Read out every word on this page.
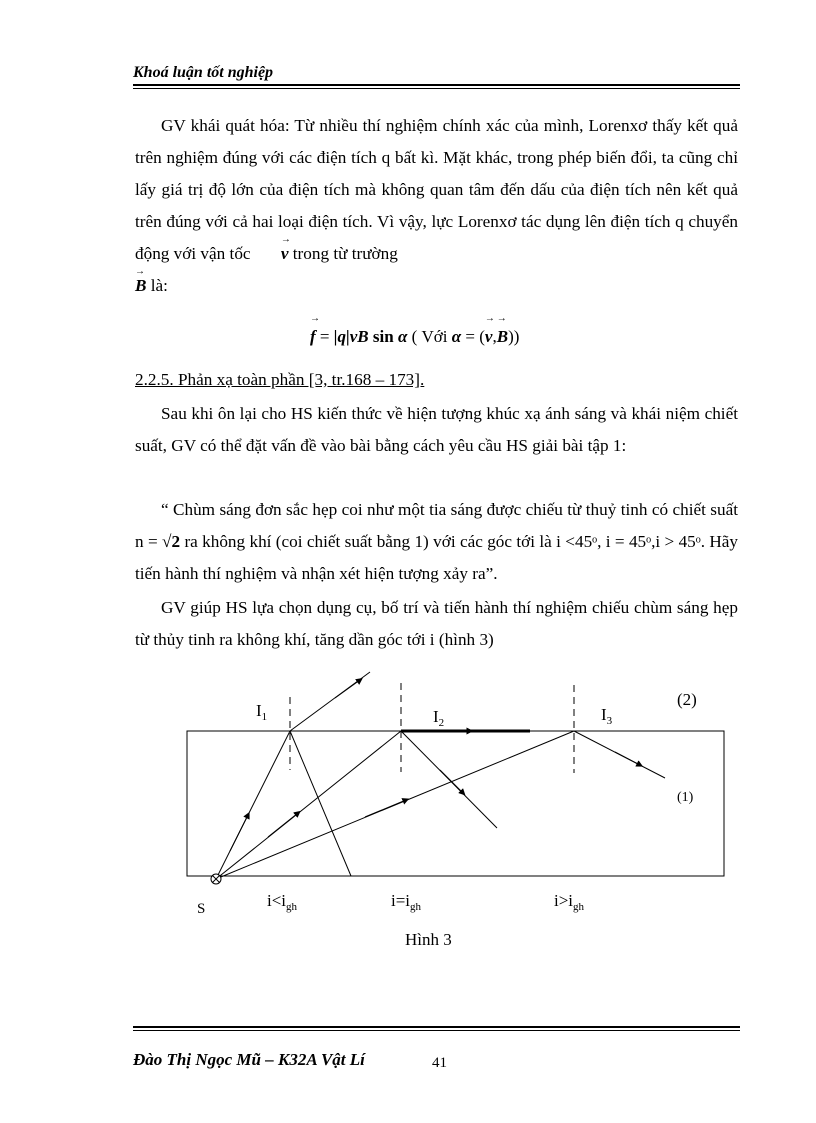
Khoá luận tốt nghiệp

GV khái quát hóa: Từ nhiều thí nghiệm chính xác của mình, Lorenxơ thấy kết quả trên nghiệm đúng với các điện tích q bất kì. Mặt khác, trong phép biến đổi, ta cũng chỉ lấy giá trị độ lớn của điện tích mà không quan tâm đến dấu của điện tích nên kết quả trên đúng với cả hai loại điện tích. Vì vậy, lực Lorenxơ tác dụng lên điện tích q chuyển động với vận tốc → v trong từ trường

→ B là:

→ f = |q|vB sin α ( Với α = (→ v,→ B))
2.2.5. Phản xạ toàn phần [3, tr.168 – 173].

Sau khi ôn lại cho HS kiến thức về hiện tượng khúc xạ ánh sáng và khái niệm chiết suất, GV có thể đặt vấn đề vào bài bằng cách yêu cầu HS giải bài tập 1:

“ Chùm sáng đơn sắc hẹp coi như một tia sáng được chiếu từ thuỷ tinh có chiết suất n = √2 ra không khí (coi chiết suất bằng 1) với các góc tới là i <45ᵒ, i = 45ᵒ,i > 45ᵒ. Hãy tiến hành thí nghiệm và nhận xét hiện tượng xảy ra”.

GV giúp HS lựa chọn dụng cụ, bố trí và tiến hành thí nghiệm chiếu chùm sáng hẹp từ thủy tinh ra không khí, tăng dần góc tới i (hình 3)

$I_1$	$I_2$	$I_3$
(2)
(1)
S	$i<i_{gh}$	$i=i_{gh}$	$i>i_{gh}$
Hình 3
Đào Thị Ngọc Mũ – K32A Vật Lí	41
